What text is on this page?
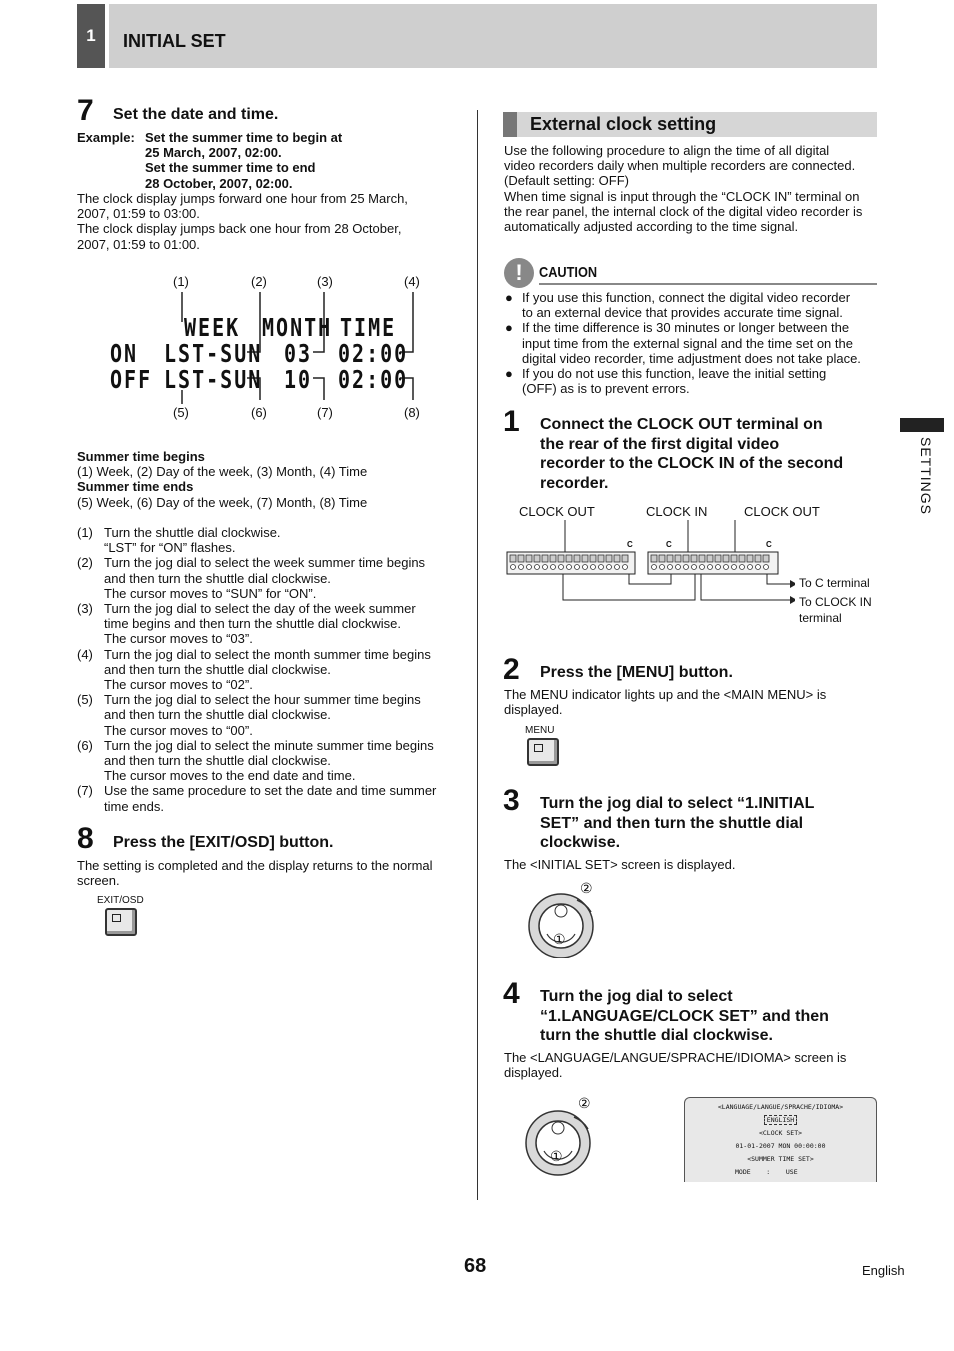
1	INITIAL SET
SETTINGS
7 Set the date and time.
Example: Set the summer time to begin at
25 March, 2007, 02:00.
Set the summer time to end
28 October, 2007, 02:00.
The clock display jumps forward one hour from 25 March,
2007, 01:59 to 03:00.
The clock display jumps back one hour from 28 October,
2007, 01:59 to 01:00.
(1)	(2)	(3)	(4)
WEEK MONTH TIME
ON LST-SUN 03 02:00
OFF LST-SUN 10 02:00
(5)	(6)	(7)	(8)
Summer time begins
(1) Week, (2) Day of the week, (3) Month, (4) Time
Summer time ends
(5) Week, (6) Day of the week, (7) Month, (8) Time
(1) Turn the shuttle dial clockwise.
“LST” for “ON” flashes.
(2) Turn the jog dial to select the week summer time begins
and then turn the shuttle dial clockwise.
The cursor moves to “SUN” for “ON”.
(3) Turn the jog dial to select the day of the week summer
time begins and then turn the shuttle dial clockwise.
The cursor moves to “03”.
(4) Turn the jog dial to select the month summer time begins
and then turn the shuttle dial clockwise.
The cursor moves to “02”.
(5) Turn the jog dial to select the hour summer time begins
and then turn the shuttle dial clockwise.
The cursor moves to “00”.
(6) Turn the jog dial to select the minute summer time begins
and then turn the shuttle dial clockwise.
The cursor moves to the end date and time.
(7) Use the same procedure to set the date and time summer
time ends.
8 Press the [EXIT/OSD] button.
The setting is completed and the display returns to the normal
screen.
EXIT/OSD
External clock setting
Use the following procedure to align the time of all digital
video recorders daily when multiple recorders are connected.
(Default setting: OFF)
When time signal is input through the “CLOCK IN” terminal on
the rear panel, the internal clock of the digital video recorder is
automatically adjusted according to the time signal.
!	CAUTION
● If you use this function, connect the digital video recorder
to an external device that provides accurate time signal.
● If the time difference is 30 minutes or longer between the
input time from the external signal and the time set on the
digital video recorder, time adjustment does not take place.
● If you do not use this function, leave the initial setting
(OFF) as is to prevent errors.
1 Connect the CLOCK OUT terminal on
the rear of the first digital video
recorder to the CLOCK IN of the second
recorder.
CLOCK OUT	CLOCK IN	CLOCK OUT
C	C	C
To C terminal
To CLOCK IN
terminal
2 Press the [MENU] button.
The MENU indicator lights up and the <MAIN MENU> is
displayed.
MENU
3 Turn the jog dial to select “1.INITIAL
SET” and then turn the shuttle dial
clockwise.
The <INITIAL SET> screen is displayed.
②
①
4 Turn the jog dial to select
“1.LANGUAGE/CLOCK SET” and then
turn the shuttle dial clockwise.
The <LANGUAGE/LANGUE/SPRACHE/IDIOMA> screen is
displayed.
②
①
<LANGUAGE/LANGUE/SPRACHE/IDIOMA>
ENGLISH
<CLOCK SET>
01-01-2007 MON 00:00:00
<SUMMER TIME SET>
MODE    :    USE
68	English
